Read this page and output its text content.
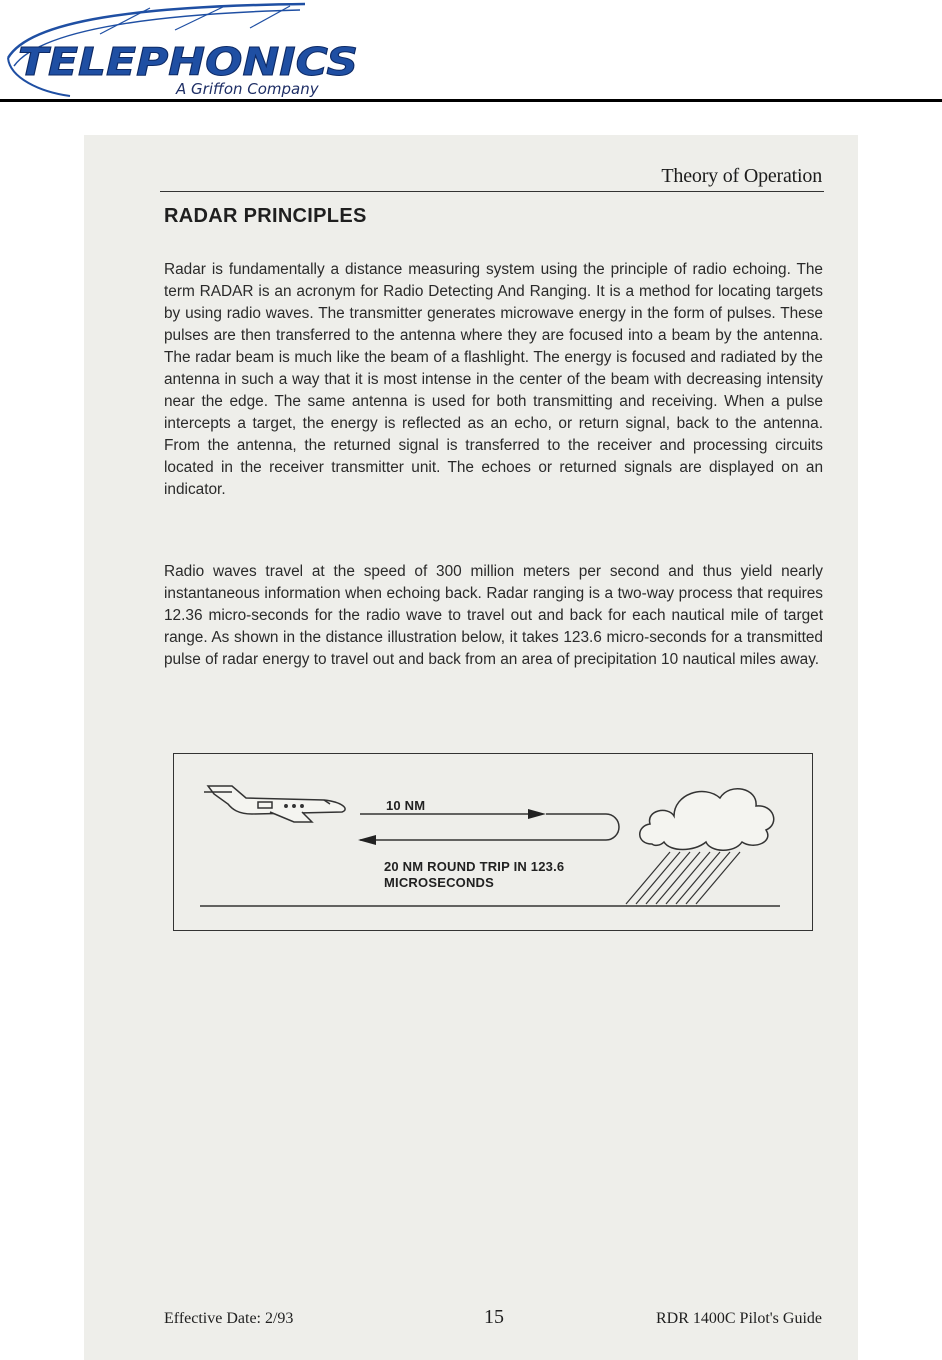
TELEPHONICS
A Griffon Company
Theory of Operation
RADAR PRINCIPLES

Radar is fundamentally a distance measuring system using the principle of radio echoing. The term RADAR is an acronym for Radio Detecting And Ranging. It is a method for locating targets by using radio waves. The transmitter generates microwave energy in the form of pulses. These pulses are then transferred to the antenna where they are focused into a beam by the antenna. The radar beam is much like the beam of a flashlight. The energy is focused and radiated by the antenna in such a way that it is most intense in the center of the beam with decreasing intensity near the edge. The same antenna is used for both transmitting and receiving. When a pulse intercepts a target, the energy is reflected as an echo, or return signal, back to the antenna. From the antenna, the returned signal is transferred to the receiver and processing circuits located in the receiver transmitter unit. The echoes or returned signals are displayed on an indicator.

Radio waves travel at the speed of 300 million meters per second and thus yield nearly instantaneous information when echoing back. Radar ranging is a two-way process that requires 12.36 micro-seconds for the radio wave to travel out and back for each nautical mile of target range. As shown in the distance illustration below, it takes 123.6 micro-seconds for a transmitted pulse of radar energy to travel out and back from an area of precipitation 10 nautical miles away.

10 NM
20 NM ROUND TRIP IN 123.6 MICROSECONDS
Effective Date: 2/93	15	RDR 1400C Pilot's Guide
